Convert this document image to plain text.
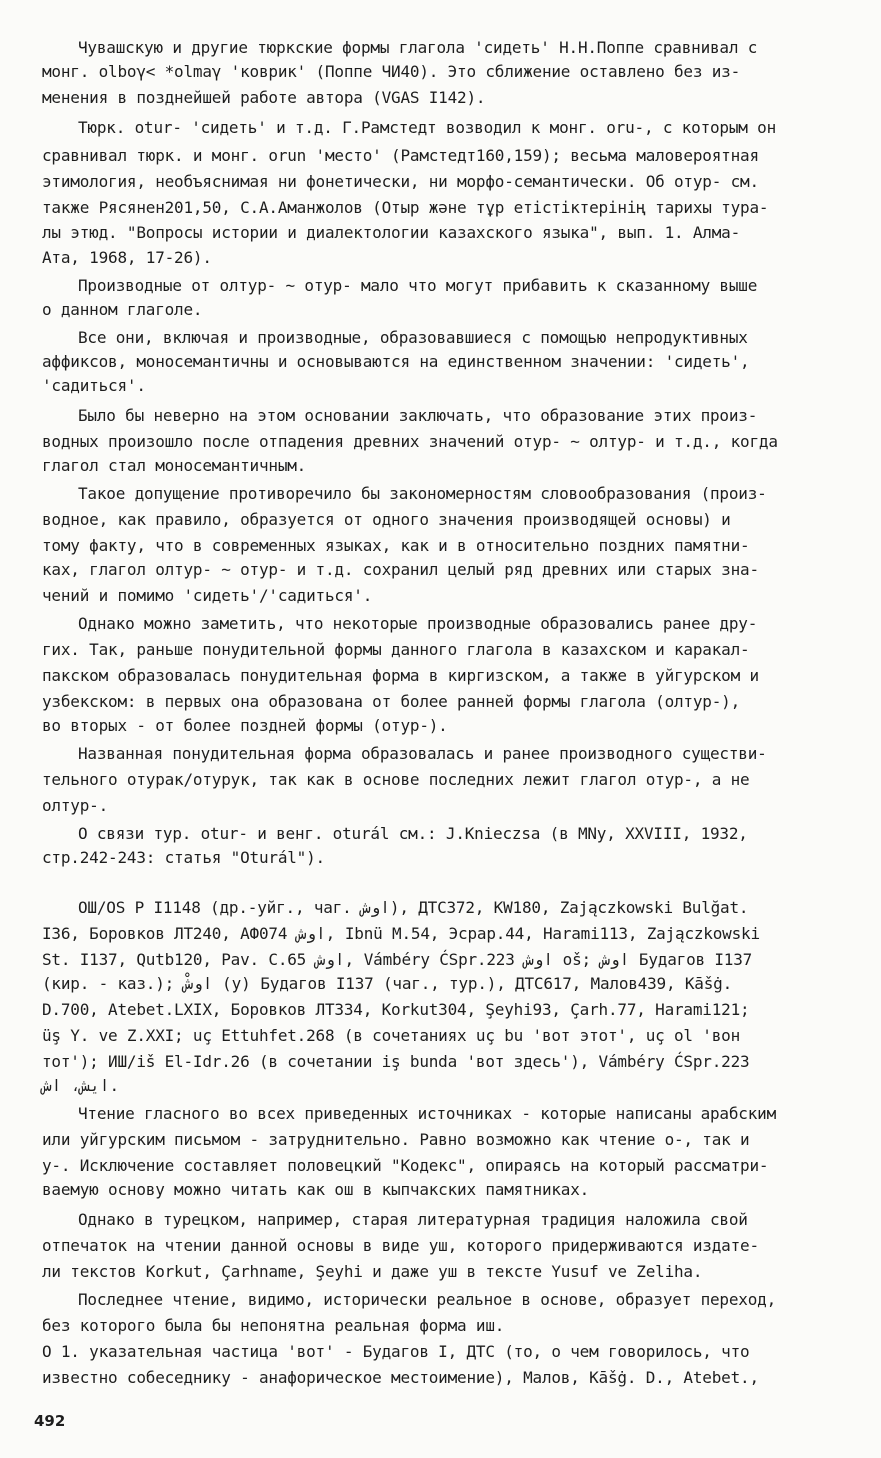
Чувашскую и другие тюркские формы глагола 'сидеть' Н.Н.Поппе сравнивал с

монг. olboγ< *olmaγ 'коврик' (Поппе ЧИ40). Это сближение оставлено без из-

менения в позднейшей работе автора (VGAS I142).

Тюрк. otur- 'сидеть' и т.д. Г.Рамстедт возводил к монг. oru-, с которым он

сравнивал тюрк. и монг. orun 'место' (Рамстедт160,159); весьма маловероятная

этимология, необъяснимая ни фонетически, ни морфо-семантически. Об отур- см.

также Рясянен201,50, С.А.Аманжолов (Отыр және тұр етістіктерінің тарихы тура-

лы этюд. "Вопросы истории и диалектологии казахского языка", вып. 1. Алма-

Ата, 1968, 17-26).

Производные от олтур- ~ отур- мало что могут прибавить к сказанному выше

о данном глаголе.

Все они, включая и производные, образовавшиеся с помощью непродуктивных

аффиксов, моносемантичны и основываются на единственном значении: 'сидеть',

'садиться'.

Было бы неверно на этом основании заключать, что образование этих произ-

водных произошло после отпадения древних значений отур- ~ олтур- и т.д., когда

глагол стал моносемантичным.

Такое допущение противоречило бы закономерностям словообразования (произ-

водное, как правило, образуется от одного значения производящей основы) и

тому факту, что в современных языках, как и в относительно поздних памятни-

ках, глагол олтур- ~ отур- и т.д. сохранил целый ряд древних или старых зна-

чений и помимо 'сидеть'/'садиться'.

Однако можно заметить, что некоторые производные образовались ранее дру-

гих. Так, раньше понудительной формы данного глагола в казахском и каракал-

пакском образовалась понудительная форма в киргизском, а также в уйгурском и

узбекском: в первых она образована от более ранней формы глагола (олтур-),

во вторых - от более поздней формы (отур-).

Названная понудительная форма образовалась и ранее производного существи-

тельного отурак/отурук, так как в основе последних лежит глагол отур-, а не

олтур-.

О связи тур. otur- и венг. oturál см.: J.Knieczsa (в MNy, XXVIII, 1932,

стр.242-243: статья "Oturál").

ОШ/ОS P I1148 (др.-уйг., чаг. اوش), ДТС372, KW180, Zajączkowski Bulğat.

I36, Боровков ЛТ240, АФ074 اوش, Ibnü M.54, Эсрар.44, Harami113, Zajączkowski

St. I137, Qutb120, Pav. C.65 اوش, Vámbéry ĆSpr.223 اوش oš; اوش Будагов I137

(кир. - каз.); اوشْ (у) Будагов I137 (чаг., тур.), ДТС617, Малов439, Kāšġ.

D.700, Atebet.LXIX, Боровков ЛТ334, Korkut304, Şeyhi93, Çarh.77, Harami121;

üş Y. ve Z.XXI; uç Ettuhfet.268 (в сочетаниях uç bu 'вот этот', uç ol 'вон

тот'); ИШ/iš El-Idr.26 (в сочетании iş bunda 'вот здесь'), Vámbéry ĆSpr.223

ایش، اش.

Чтение гласного во всех приведенных источниках - которые написаны арабским

или уйгурским письмом - затруднительно. Равно возможно как чтение о-, так и

у-. Исключение составляет половецкий "Кодекс", опираясь на который рассматри-

ваемую основу можно читать как ош в кыпчакских памятниках.

Однако в турецком, например, старая литературная традиция наложила свой

отпечаток на чтении данной основы в виде уш, которого придерживаются издате-

ли текстов Korkut, Çarhname, Şeyhi и даже уш в тексте Yusuf ve Zeliha.

Последнее чтение, видимо, исторически реальное в основе, образует переход,

без которого была бы непонятна реальная форма иш.

О 1. указательная частица 'вот' - Будагов I, ДТС (то, о чем говорилось, что

известно собеседнику - анафорическое местоимение), Малов, Kāšġ. D., Atebet.,

492
